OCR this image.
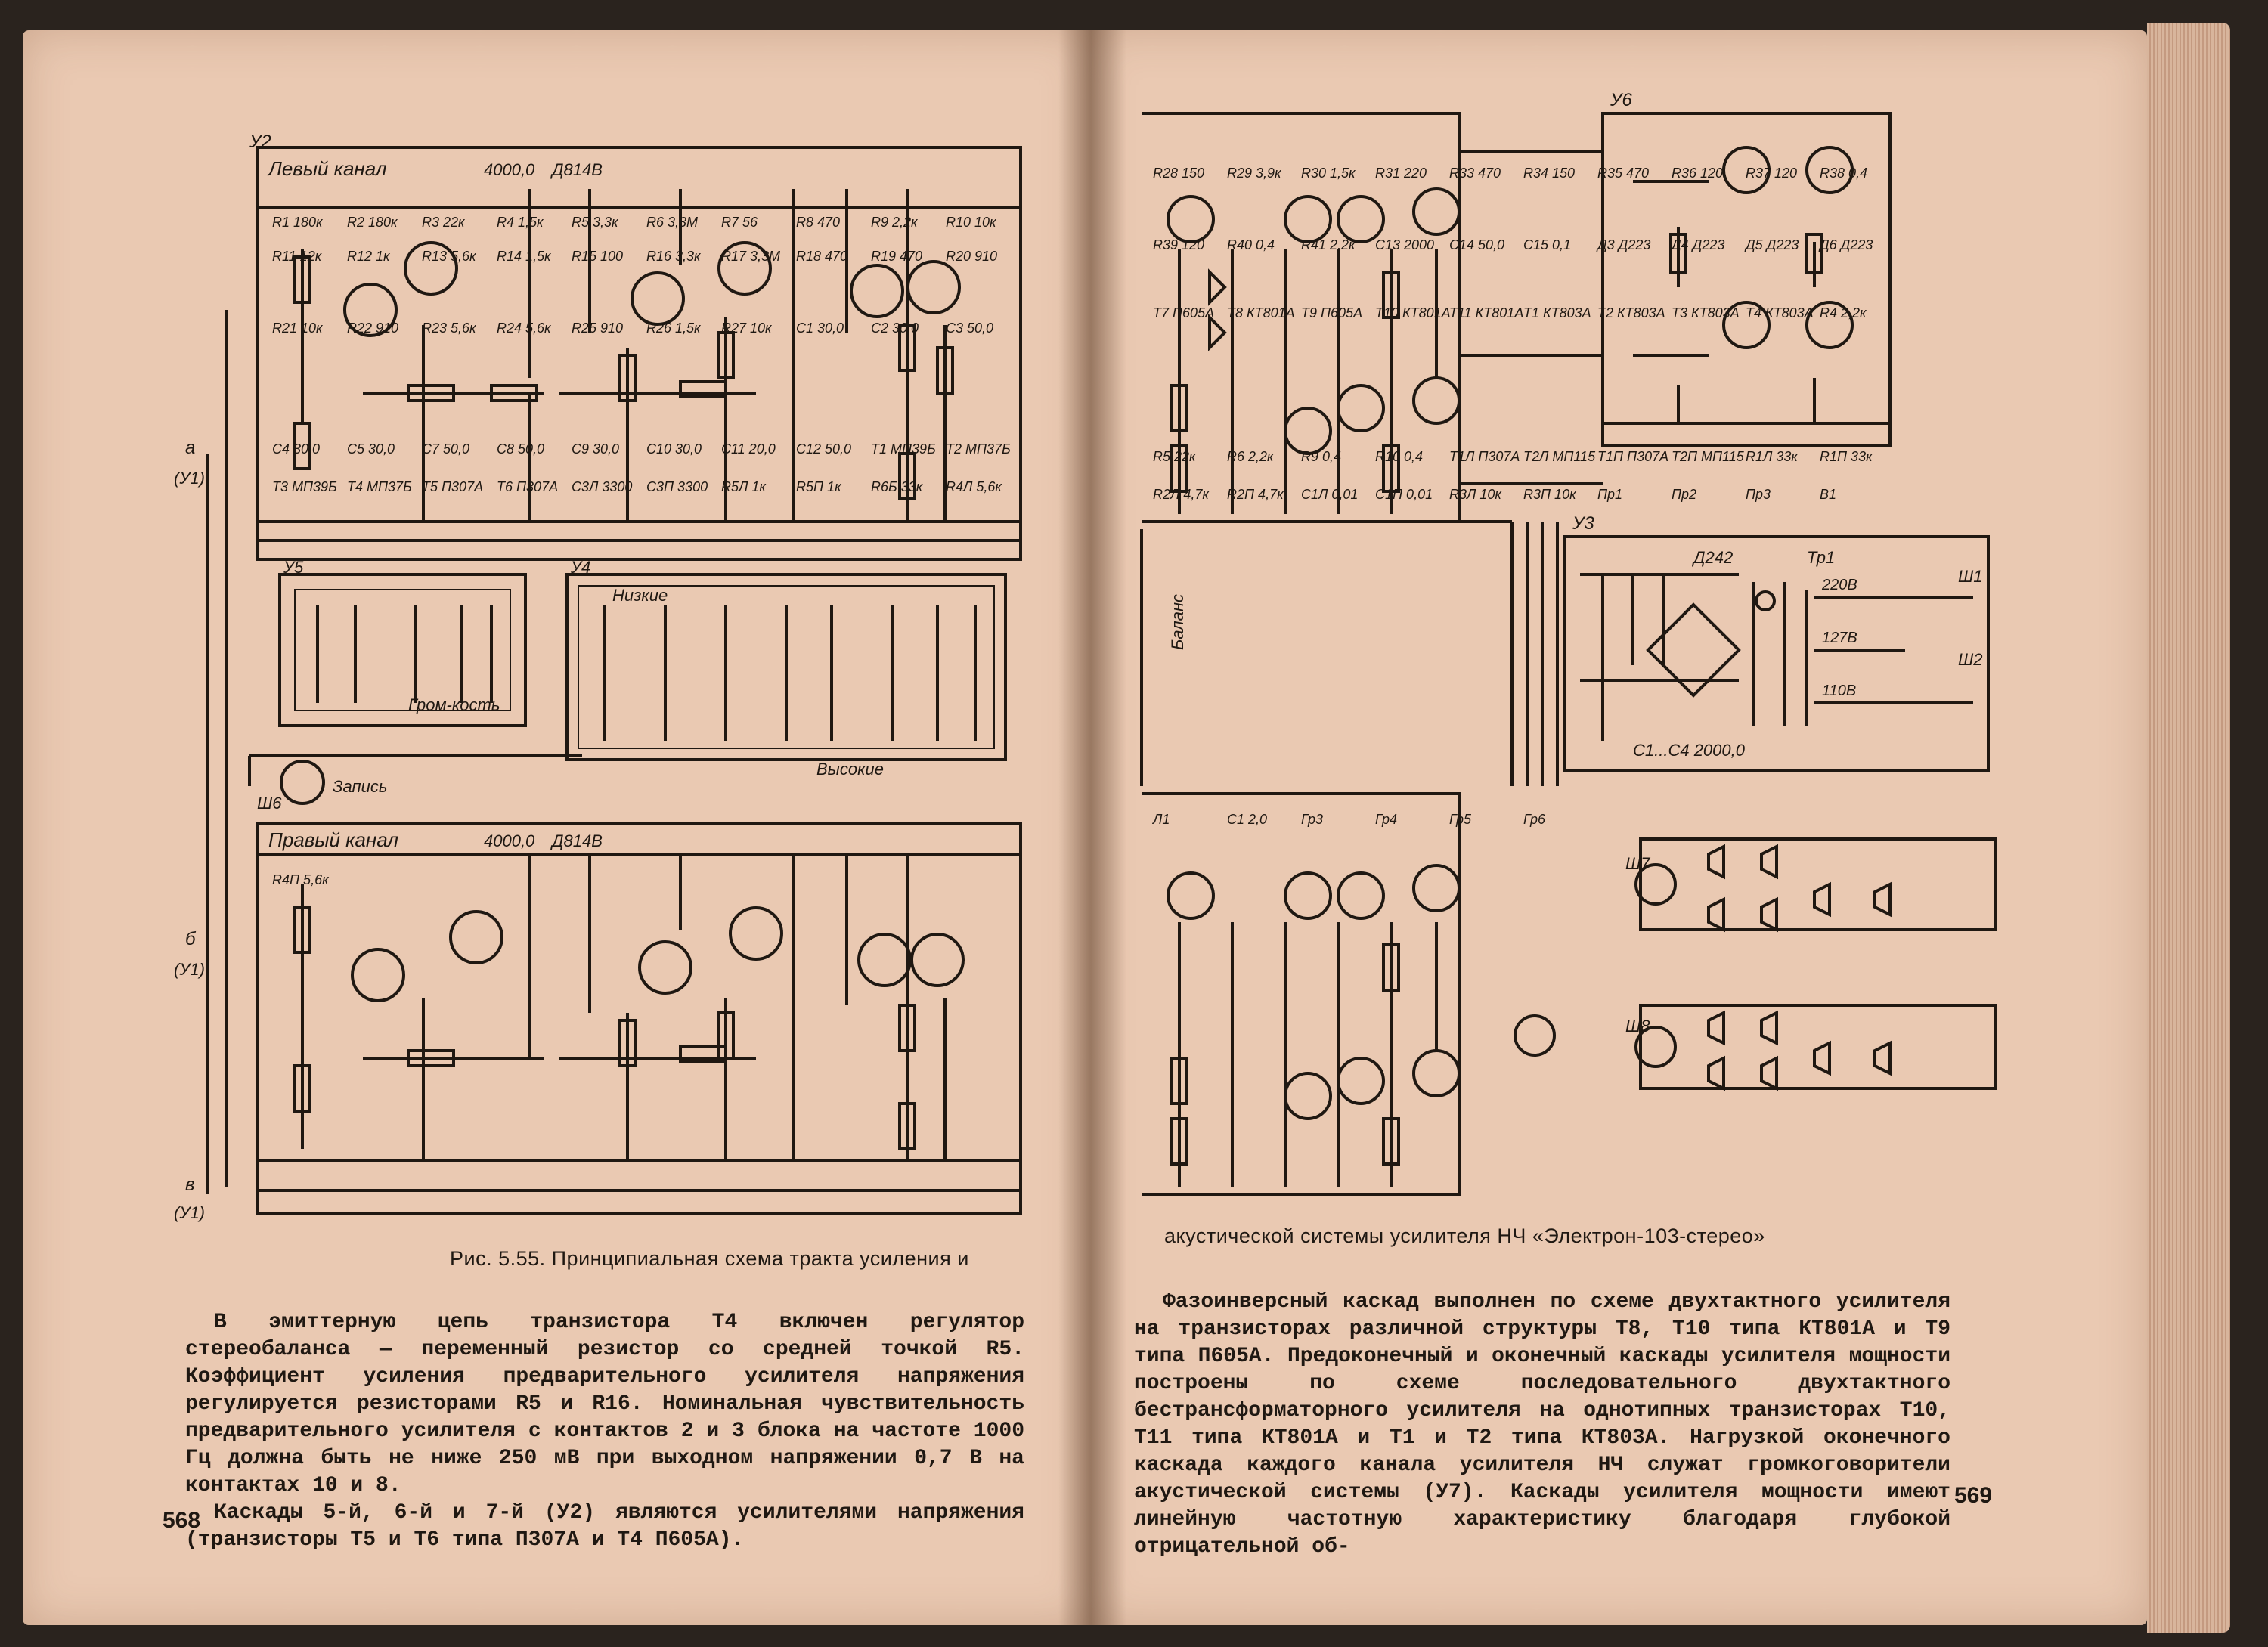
У2
Левый канал
Правый канал
4000,0
4000,0
Д814В
Д814В
У5	У4
Низкие
Высокие
Гром-кость
Запись
Ш6
а
(У1)
б
(У1)
в
(У1)
У6
У3
Баланс
Д242	Тр1
220В
127В
110В
С1...С4 2000,0
Ш7
Ш8
Ш1
Ш2
R1 180к R2 180к R3 22к R4 1,5к R5 3,3к R6 3,3М R7 56	R8 470 R9 2,2к R10 10к
R11 12к R12 1к R13 5,6к R14 1,5к R15 100 R16 3,3к R17 3,3М R18 470 R19 470 R20 910
R21 10к R22 910 R23 5,6к R24 5,6к R25 910 R26 1,5к R27 10к C1 30,0 C2 30,0 C3 50,0
C4 30,0 C5 30,0 C7 50,0 C8 50,0 C9 30,0 C10 30,0 C11 20,0 C12 50,0 T1 МП39Б T2 МП37Б
T3 МП39Б T4 МП37Б T5 П307А T6 П307А C3Л 3300 C3П 3300 R5Л 1к R5П 1к R6Б 33к R4Л 5,6к
R4П 5,6к
R28 150 R29 3,9к R30 1,5к R31 220 R33 470 R34 150 R35 470 R36 120 R37 120 R38 0,4
R39 120 R40 0,4 R41 2,2к C13 2000 C14 50,0 C15 0,1 Д3 Д223 Д4 Д223 Д5 Д223 Д6 Д223
T7 П605А T8 КТ801А T9 П605А T10 КТ801А
T11 КТ801А T1 КТ803А T2 КТ803А T3 КТ803А T4 КТ803А R4 2,2к
R5 22к R6 2,2к R9 0,4 R10 0,4 T1Л П307А T2Л МП115 T1П П307А T2П МП115 R1Л 33к R1П 33к
R2Л 4,7к R2П 4,7к C1Л 0,01 C1П 0,01 R3Л 10к R3П 10к Пр1	Пр2	Пр3	В1
Л1	C1 2,0 Гр3	Гр4	Гр5	Гр6
Рис. 5.55. Принципиальная схема тракта усиления и
акустической системы усилителя НЧ «Электрон-103-стерео»

В эмиттерную цепь транзистора Т4 включен регулятор стереобаланса — переменный резистор со средней точкой R5. Коэффициент усиления предварительного усилителя напряжения регулируется резисторами R5 и R16. Номинальная чувствительность предварительного усилителя с контактов 2 и 3 блока на частоте 1000 Гц должна быть не ниже 250 мВ при выходном напряжении 0,7 В на контактах 10 и 8.

Каскады 5-й, 6-й и 7-й (У2) являются усилителями напряжения (транзисторы Т5 и Т6 типа П307А и Т4 П605А).

568

Фазоинверсный каскад выполнен по схеме двухтактного усилителя на транзисторах различной структуры Т8, Т10 типа КТ801А и Т9 типа П605А. Предоконечный и оконечный каскады усилителя мощности построены по схеме последовательного двухтактного бестрансформаторного усилителя на однотипных транзисторах Т10, Т11 типа КТ801А и Т1 и Т2 типа КТ803А. Нагрузкой оконечного каскада каждого канала усилителя НЧ служат громкоговорители акустической системы (У7). Каскады усилителя мощности имеют линейную частотную характеристику благодаря глубокой отрицательной об-

569
